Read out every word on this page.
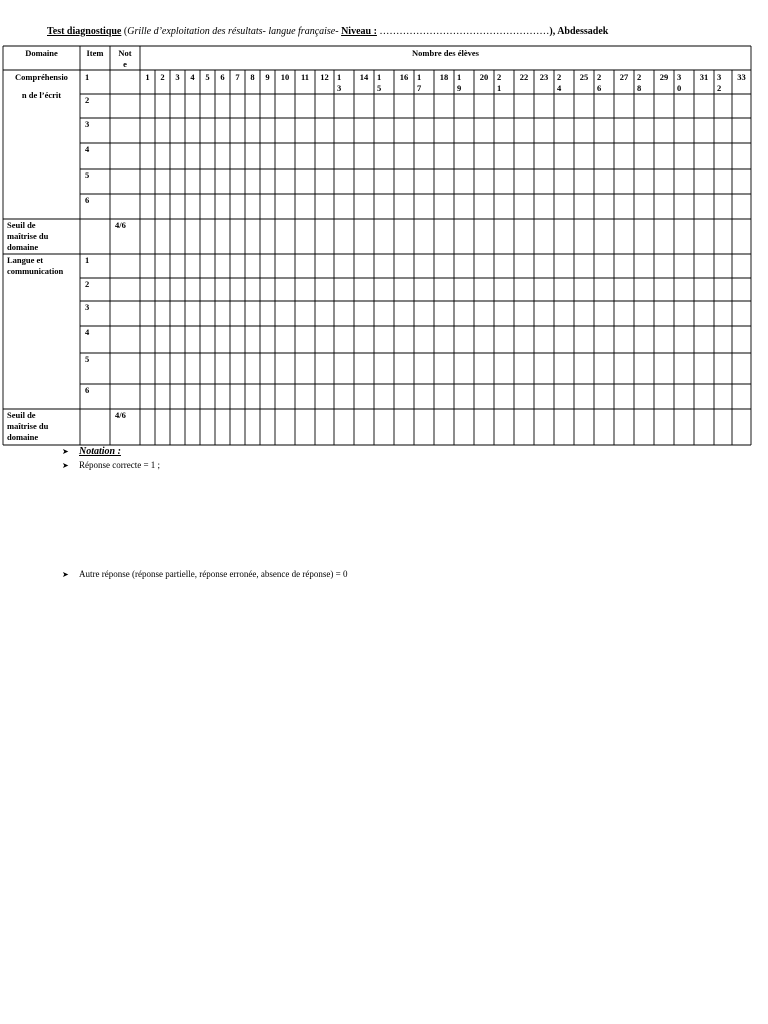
Test diagnostique (Grille d’exploitation des résultats- langue française- Niveau : ……………………………………………), Abdessadek
Domaine	Item Not
e
Nombre des élèves
1 2 3 4 5 6 7 8 9 10 11 12 1
3
14 1
5
16 1
7
18 1
9
20 2
1
22 23 2
4
25 2
6
27 2
8
29 3
0
31 3
2
33
Compréhensio
n de l’écrit
1
2
3
4
5
6
Seuil de
maîtrise du
domaine
4/6
Langue et
communication
1
2
3
4
5
6
Seuil de
maîtrise du
domaine
4/6
➤ Notation :
➤ Réponse correcte = 1 ;
➤ Autre réponse (réponse partielle, réponse erronée, absence de réponse) = 0
